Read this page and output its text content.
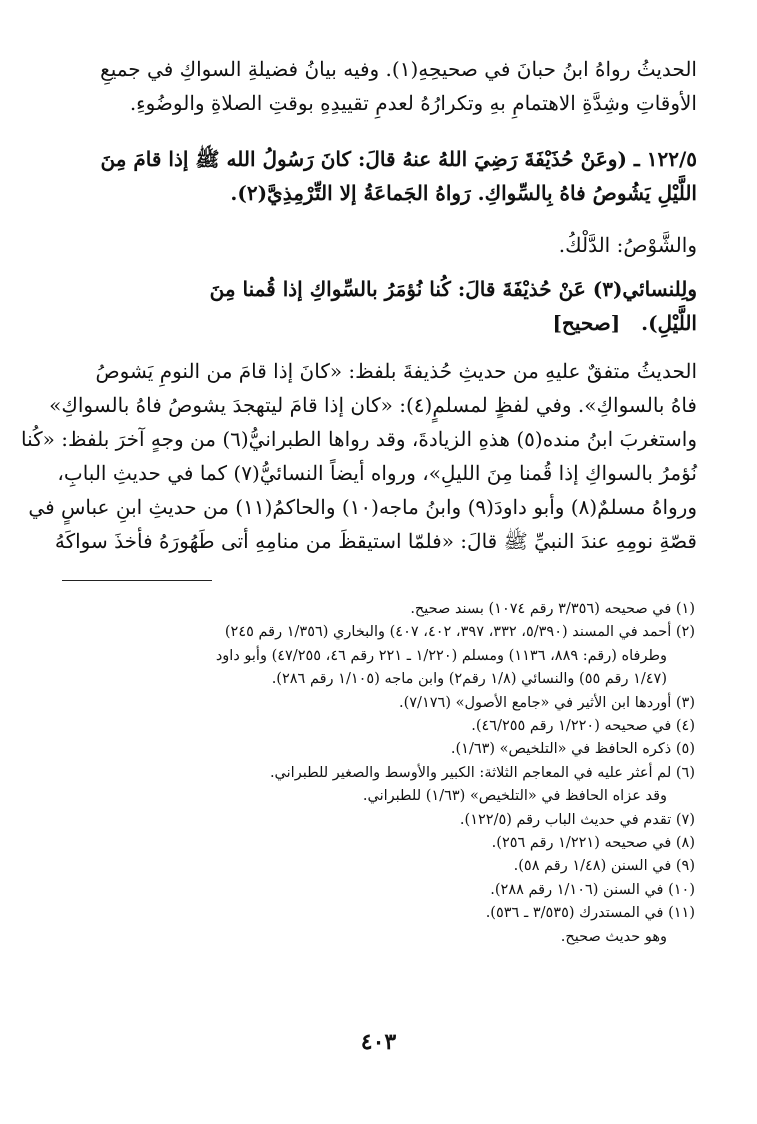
الحديثُ رواهُ ابنُ حبانَ في صحيحِهِ(١). وفيه بيانُ فضيلةِ السواكِ في جميعِ
الأوقاتِ وشِدَّةِ الاهتمامِ بهِ وتكرارُهُ لعدمِ تقييدِهِ بوقتِ الصلاةِ والوضُوءِ.
١٢٢/٥ ـ (وعَنْ حُذَيْفَةَ رَضِيَ اللهُ عنهُ قالَ: كانَ رَسُولُ الله ﷺ إذا قامَ مِنَ
اللَّيْلِ يَشُوصُ فاهُ بِالسِّواكِ. رَواهُ الجَماعَةُ إلا التِّرْمِذِيَّ(٢).
والشَّوْصُ: الدَّلْكُ.
ولِلنسائي(٣) عَنْ حُذيْفَةَ قالَ: كُنا نُؤمَرُ بالسِّواكِ إذا قُمنا مِنَ
اللَّيْلِ).   [صحيح]
الحديثُ متفقٌ عليهِ من حديثِ حُذيفةَ بلفظ: «كانَ إذا قامَ من النومِ يَشوصُ
فاهُ بالسواكِ». وفي لفظٍ لمسلمٍ(٤): «كان إذا قامَ ليتهجدَ يشوصُ فاهُ بالسواكِ»
واستغربَ ابنُ منده(٥) هذهِ الزيادةَ، وقد رواها الطبرانيُّ(٦) من وجهٍ آخرَ بلفظ: «كُنا
نُؤمرُ بالسواكِ إذا قُمنا مِنَ الليلِ»، ورواه أيضاً النسائيُّ(٧) كما في حديثِ البابِ،
ورواهُ مسلمٌ(٨) وأبو داودَ(٩) وابنُ ماجه(١٠) والحاكمُ(١١) من حديثِ ابنِ عباسٍ في
قصّةِ نومِهِ عندَ النبيِّ ﷺ قالَ: «فلمّا استيقظَ من منامِهِ أتى طَهُورَهُ فأخذَ سواكَهُ
(١) في صحيحه (٣/٣٥٦ رقم ١٠٧٤) بسند صحيح.
(٢) أحمد في المسند (٥/٣٩٠، ٣٣٢، ٣٩٧، ٤٠٢، ٤٠٧) والبخاري (١/٣٥٦ رقم ٢٤٥)
وطرفاه (رقم: ٨٨٩، ١١٣٦) ومسلم (١/٢٢٠ ـ ٢٢١ رقم ٤٦، ٤٧/٢٥٥) وأبو داود
(١/٤٧ رقم ٥٥) والنسائي (١/٨ رقم٢) وابن ماجه (١/١٠٥ رقم ٢٨٦).
(٣) أوردها ابن الأثير في «جامع الأصول» (٧/١٧٦).
(٤) في صحيحه (١/٢٢٠ رقم ٤٦/٢٥٥).
(٥) ذكره الحافظ في «التلخيص» (١/٦٣).
(٦) لم أعثر عليه في المعاجم الثلاثة: الكبير والأوسط والصغير للطبراني.
وقد عزاه الحافظ في «التلخيص» (١/٦٣) للطبراني.
(٧) تقدم في حديث الباب رقم (١٢٢/٥).
(٨) في صحيحه (١/٢٢١ رقم ٢٥٦).
(٩) في السنن (١/٤٨ رقم ٥٨).
(١٠) في السنن (١/١٠٦ رقم ٢٨٨).
(١١) في المستدرك (٣/٥٣٥ ـ ٥٣٦).
وهو حديث صحيح.
٤٠٣
